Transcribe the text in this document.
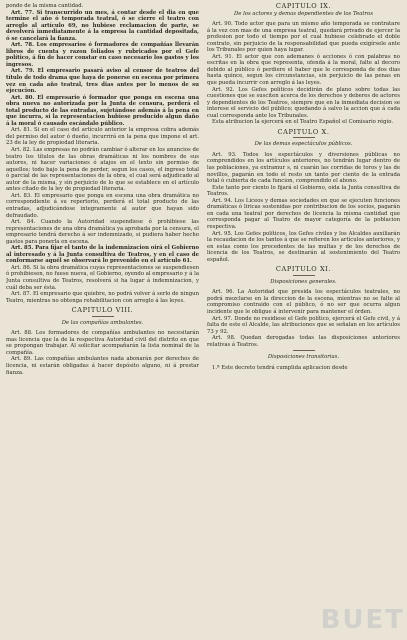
pondo de la misma cantidad.

Art. 77. Si transcurrido un mes, á contar desde el dia en que termine el año ó temporada teatral, ó se cierre el teatro con arreglo al artículo 69, no hubiese reclamacion de parte, se devolverá inmediatamente á la empresa la cantidad depositada, ó se cancelará la fianza.

Art. 78. Los empresarios ó formadores de compañías llevarán libros de cuenta y razon foliados y rubricados por el Gefe político, á fin de hacer constar en caso necesario los gastos y los ingresos.

Art. 79. El empresario pasará aviso al censor de teatros del título de todo drama que haya de ponerse en escena por primera vez en cada año teatral, tres dias antes por lo menos de su ejecucion.

Art. 80. El empresario ó formador que ponga en escena una obra nueva no autorizada por la Junta de censura, perderá el total producto de las entradas, sujetándose además á la pena en que incurra, si la representacion hubiese producido algun daño á la moral ó causado escándalo público.

Art. 81. Si en el caso del artículo anterior la empresa cobra además del permiso del autor ó dueño, incurrirá en la pena que impone el art. 23 de la ley de propiedad literaria.

Art. 82. Las empresas no podrán cambiar ó alterar en los anuncios de teatro los títulos de las obras dramáticas ni los nombres de sus autores, ni hacer variaciones ó atajos en el texto sin permiso de aquellos; todo bajo la pena de perder, segun los casos, el ingreso total ó parcial de las representaciones de la obra, el cual será adjudicado al autor de la misma, y sin perjuicio de lo que se establece en el artículo antes citado de la ley de propiedad literaria.

Art. 83. El empresario que ponga en escena una obra dramática no correspondiente á su repertorio, perderá el total producto de las entradas, adjudicándose integramente al autor que hayan sido defraudado.

Art. 84. Cuando la Autoridad suspendiese ó prohibiese las representaciones de una obra dramática ya aprobada por la censura, el empresario tendrá derecho á ser indemnizado, si pudiera haber hecho gastos para ponerla en escena.

Art. 85. Para fijar el tanto de la indemnizacion oirá el Gobierno al interesado y á la Junta consultiva de Teatros, y en el caso de conformarse aquél se observará lo prevenido en el artículo 61.

Art. 86. Si la obra dramática cuyas representaciones se suspendiesen ó prohibiesen, no fuese nueva, el Gobierno, oyendo al empresario y á la Junta consultiva de Teatros, resolverá si ha lugar á indemnizacion, y cuál deba ser ésta.

Art. 87. El empresario que quiebre, no podrá volver á serlo de ningun Teatro, mientras no obtenga rehabilitacion con arreglo á las leyes.

CAPITULO VIII.
De las compañías ambulantes.

Art. 88. Los formadores de compañías ambulantes no necesitarán mas licencia que la de la respectiva Autoridad civil del distrito en que se propongan trabajar. Al solicitar acompañarán la lista nominal de la compañía.

Art. 89. Las compañías ambulantes nada abonarán por derechos de licencia, ni estarán obligadas á hacer depósito alguno, ni á prestar fianza.

CAPITULO IX.
De los actores y demas dependientes de los Teatros

Art. 90. Todo actor que para un mismo año temporada se contratare á la vez con mas de una empresa teatral, quedará privado de ejercer la profesion por todo el tiempo por el cual hubiese celebrado el doble contrato, sin perjuicio de la responsabilidad que pueda exigírsele ante los Tribunales por quien haya lugar.

Art. 91. El actor que con ademanes ó acciones ó con palabras no escritas en la obra que representa, ofenda á la moral, falte al decoro debido al público ó perdiere el haber que le corresponda de dos dias hasta quince, segun los circunstancias, sin perjuicio de las penas en que pueda incurrir con arreglo á las leyes.

Art. 92. Los Gefes políticos decidirán de plano sobre todas las cuestiones que se susciten acerca de los derechos y deberes de actores y dependientes de los Teatros, siempre que en la inmediata decision se interese el servicio del público; quedando á salvo la accion que á cada cual corresponda ante los Tribunales.

Esta atribucion la ejercerá en el Teatro Español el Comisario régio.

CAPITULO X.
De las demas espectáculos públicos.

Art. 93. Todos los espectáculos y diversiones públicas no comprendidos en los artículos anteriores, no tendrán lugar dentro de las poblaciones, ya extramur s, ni cuarán las corridas de toros y las de novillos, pagarán en todo el resto un tanto por ciento de la entrada total ó cubierta de cada funcion, comprendido el abono.

Este tanto por ciento lo fijará el Gobierno, oida la Junta consultiva de Teatros.

Art. 94. Los Liceos y demas sociedades en que se ejecuten funciones dramáticas ó liricas sostenidas por contribucion de los socios, pagarán en cada una teatral por derechos de licencia la misma cantidad que corresponda pagar al Teatro de mayor categoría de la poblacion respectiva.

Art. 95. Los Gefes políticos, los Gefes civiles y los Alcaldes auxiliarán la recaudacion de los tantos á que se refieren los artículos anteriores, y en estas como los procedentes de las multas y de los derechos de licencia de los Teatros, se destinarán al sostenimiento del Teatro español.

CAPITULO XI.
Disposiciones generales.

Art. 96. La Autoridad que presida los espectáculos teatrales, no podrá mezclarse en la direccion de la escena, mientras no se falte al compromiso contraido con el público, ó no ser que ocurra algun incidente que le obligue á intervenir para mantener el órden.

Art. 97. Donde no residiese el Gefe político, ejercerá el Gefe civil, y á falta de este el Alcalde, las atribuciones que se señalan en los artículos 73 y 92.

Art. 98. Quedan derogadas todas las disposiciones anteriores relativas á Teatros.

Disposiciones transitorias.

1.ª Este decreto tendrá cumplida aplicacion desde

BUET
